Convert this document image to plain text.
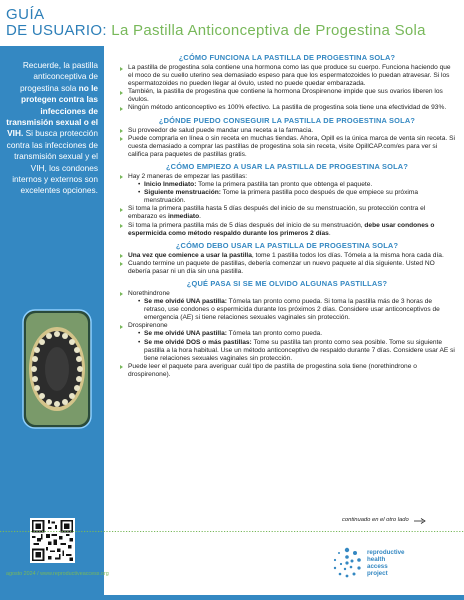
GUÍA
DE USUARIO: La Pastilla Anticonceptiva de Progestina Sola
Recuerde, la pastilla anticonceptiva de progestina sola no le protegen contra las infecciones de transmisión sexual o el VIH. Si busca protección contra las infecciones de transmisión sexual y el VIH, los condones internos y externos son excelentes opciones.
¿CÓMO FUNCIONA LA PASTILLA DE PROGESTINA SOLA?
La pastilla de progestina sola contiene una hormona como las que produce su cuerpo. Funciona haciendo que el moco de su cuello uterino sea demasiado espeso para que los espermatozoides lo puedan atravesar. Si los espermatozoides no pueden llegar al óvulo, usted no puede quedar embarazada.
También, la pastilla de progestina que contiene la hormona Drospirenone impide que sus ovarios liberen los óvulos.
Ningún método anticonceptivo es 100% efectivo. La pastilla de progestina sola tiene una efectividad de 93%.
¿DÓNDE PUEDO CONSEGUIR LA PASTILLA DE PROGESTINA SOLA?
Su proveedor de salud puede mandar una receta a la farmacia.
Puede comprarla en línea o sin receta en muchas tiendas. Ahora, Opill es la única marca de venta sin receta. Si cuesta demasiado a comprar las pastillas de progestina sola sin receta, visite OpillCAP.com/es para ver si califica para paquetes de pastillas gratis.
¿CÓMO EMPIEZO A USAR LA PASTILLA DE PROGESTINA SOLA?
Hay 2 maneras de empezar las pastillas:
• Inicio Inmediato: Tome la primera pastilla tan pronto que obtenga el paquete.
• Siguiente menstruación: Tome la primera pastilla poco después de que empiece su próxima menstruación.
Si toma la primera pastilla hasta 5 días después del inicio de su menstruación, su protección contra el embarazo es inmediato.
Si toma la primera pastilla más de 5 días después del inicio de su menstruación, debe usar condones o espermicida como método respaldo durante los primeros 2 días.
¿CÓMO DEBO USAR LA PASTILLA DE PROGESTINA SOLA?
Una vez que comience a usar la pastilla, tome 1 pastilla todos los días. Tómela a la misma hora cada día.
Cuando termine un paquete de pastillas, debería comenzar un nuevo paquete al día siguiente. Usted NO debería pasar ni un día sin una pastilla.
¿QUÉ PASA SI SE ME OLVIDO ALGUNAS PASTILLAS?
Norethindrone
• Se me olvidé UNA pastilla: Tómela tan pronto como pueda. Si toma la pastilla más de 3 horas de retraso, use condones o espermicida durante los próximos 2 días. Considere usar anticonceptivos de emergencia (AE) si tiene relaciones sexuales vaginales sin protección.
Drospirenone
• Se me olvidé UNA pastilla: Tómela tan pronto como pueda.
• Se me olvidé DOS o más pastillas: Tome su pastilla tan pronto como sea posible. Tome su siguiente pastilla a la hora habitual. Use un método anticonceptivo de respaldo durante 7 días. Considere usar AE si tiene relaciones sexuales vaginales sin protección.
Puede leer el paquete para averiguar cuál tipo de pastilla de progestina sola tiene (norethindrone o drospirenone).
continuado en el otro lado
agosto 2024 / www.reproductiveaccess.org
reproductive
health
access
project
